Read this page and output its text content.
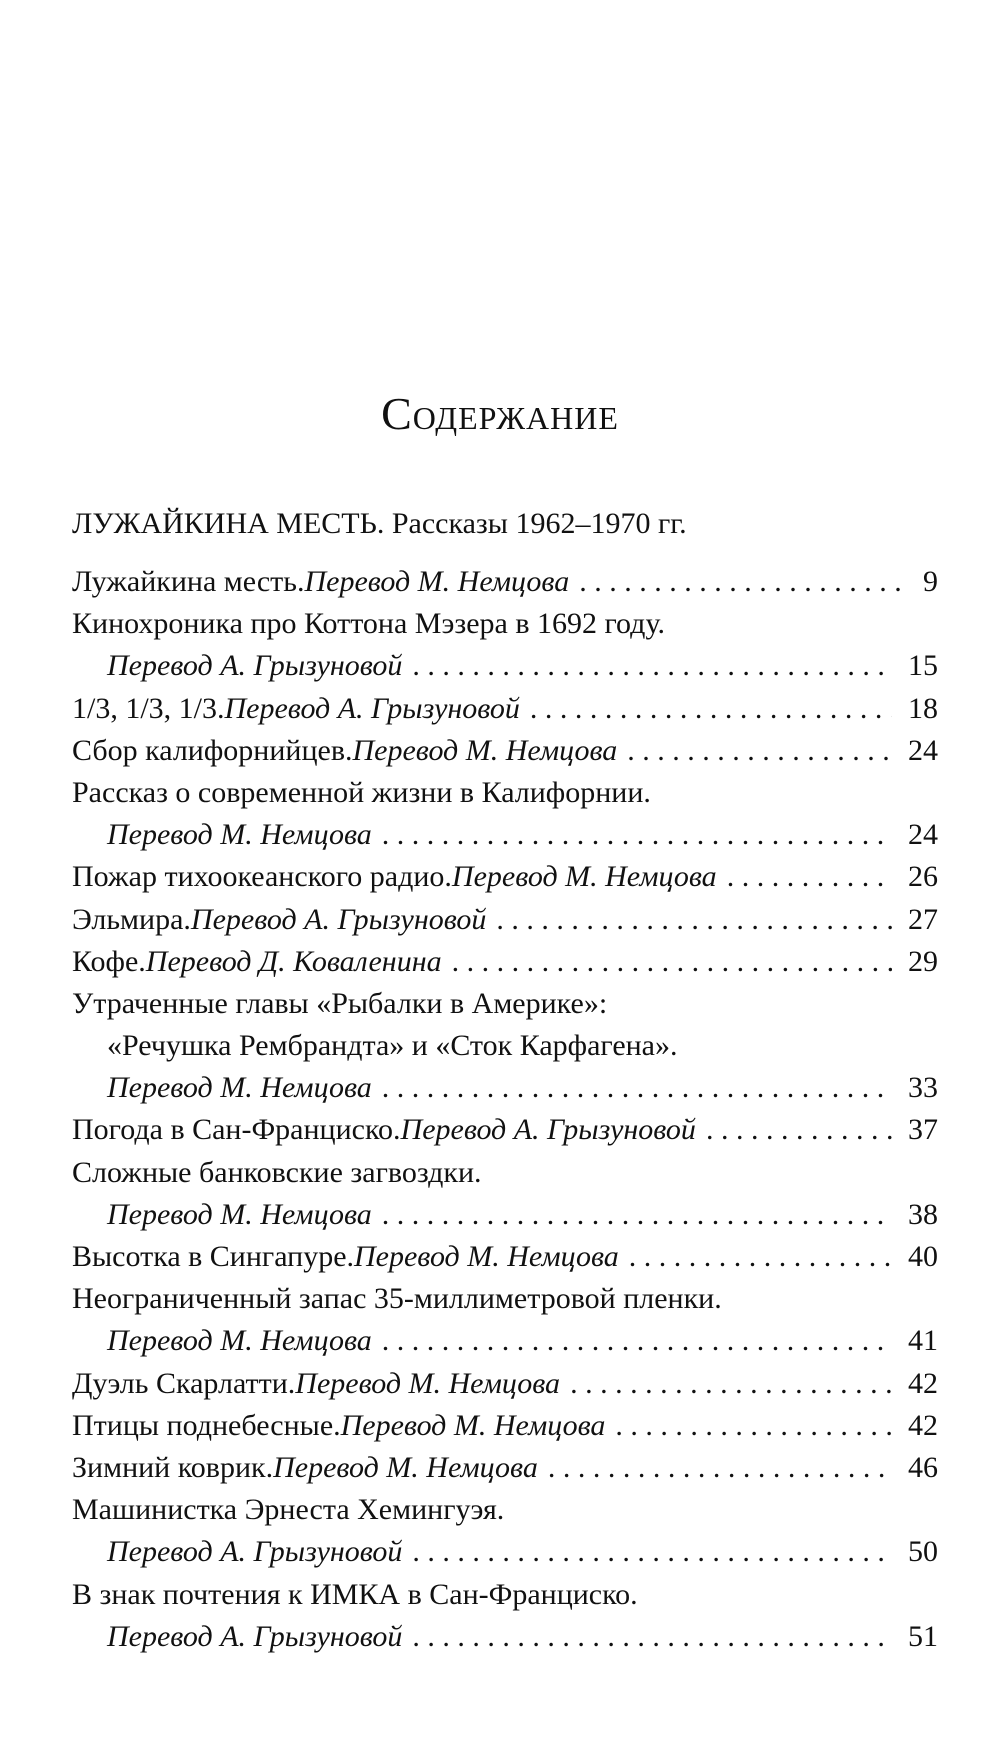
Содержание
ЛУЖАЙКИНА МЕСТЬ. Рассказы 1962–1970 гг.
Лужайкина месть. Перевод М. Немцова . . .	9
Кинохроника про Коттона Мэзера в 1692 году.
Перевод А. Грызуновой . . .	15
1/3, 1/3, 1/3. Перевод А. Грызуновой . . .	18
Сбор калифорнийцев. Перевод М. Немцова . . .	24
Рассказ о современной жизни в Калифорнии.
Перевод М. Немцова . . .	24
Пожар тихоокеанского радио. Перевод М. Немцова . . .	26
Эльмира. Перевод А. Грызуновой . . .	27
Кофе. Перевод Д. Коваленина . . .	29
Утраченные главы «Рыбалки в Америке»:
«Речушка Рембрандта» и «Сток Карфагена».
Перевод М. Немцова . . .	33
Погода в Сан-Франциско. Перевод А. Грызуновой . . .	37
Сложные банковские загвоздки.
Перевод М. Немцова . . .	38
Высотка в Сингапуре. Перевод М. Немцова . . .	40
Неограниченный запас 35-миллиметровой пленки.
Перевод М. Немцова . . .	41
Дуэль Скарлатти. Перевод М. Немцова . . .	42
Птицы поднебесные. Перевод М. Немцова . . .	42
Зимний коврик. Перевод М. Немцова . . .	46
Машинистка Эрнеста Хемингуэя.
Перевод А. Грызуновой . . .	50
В знак почтения к ИМКА в Сан-Франциско.
Перевод А. Грызуновой . . .	51
